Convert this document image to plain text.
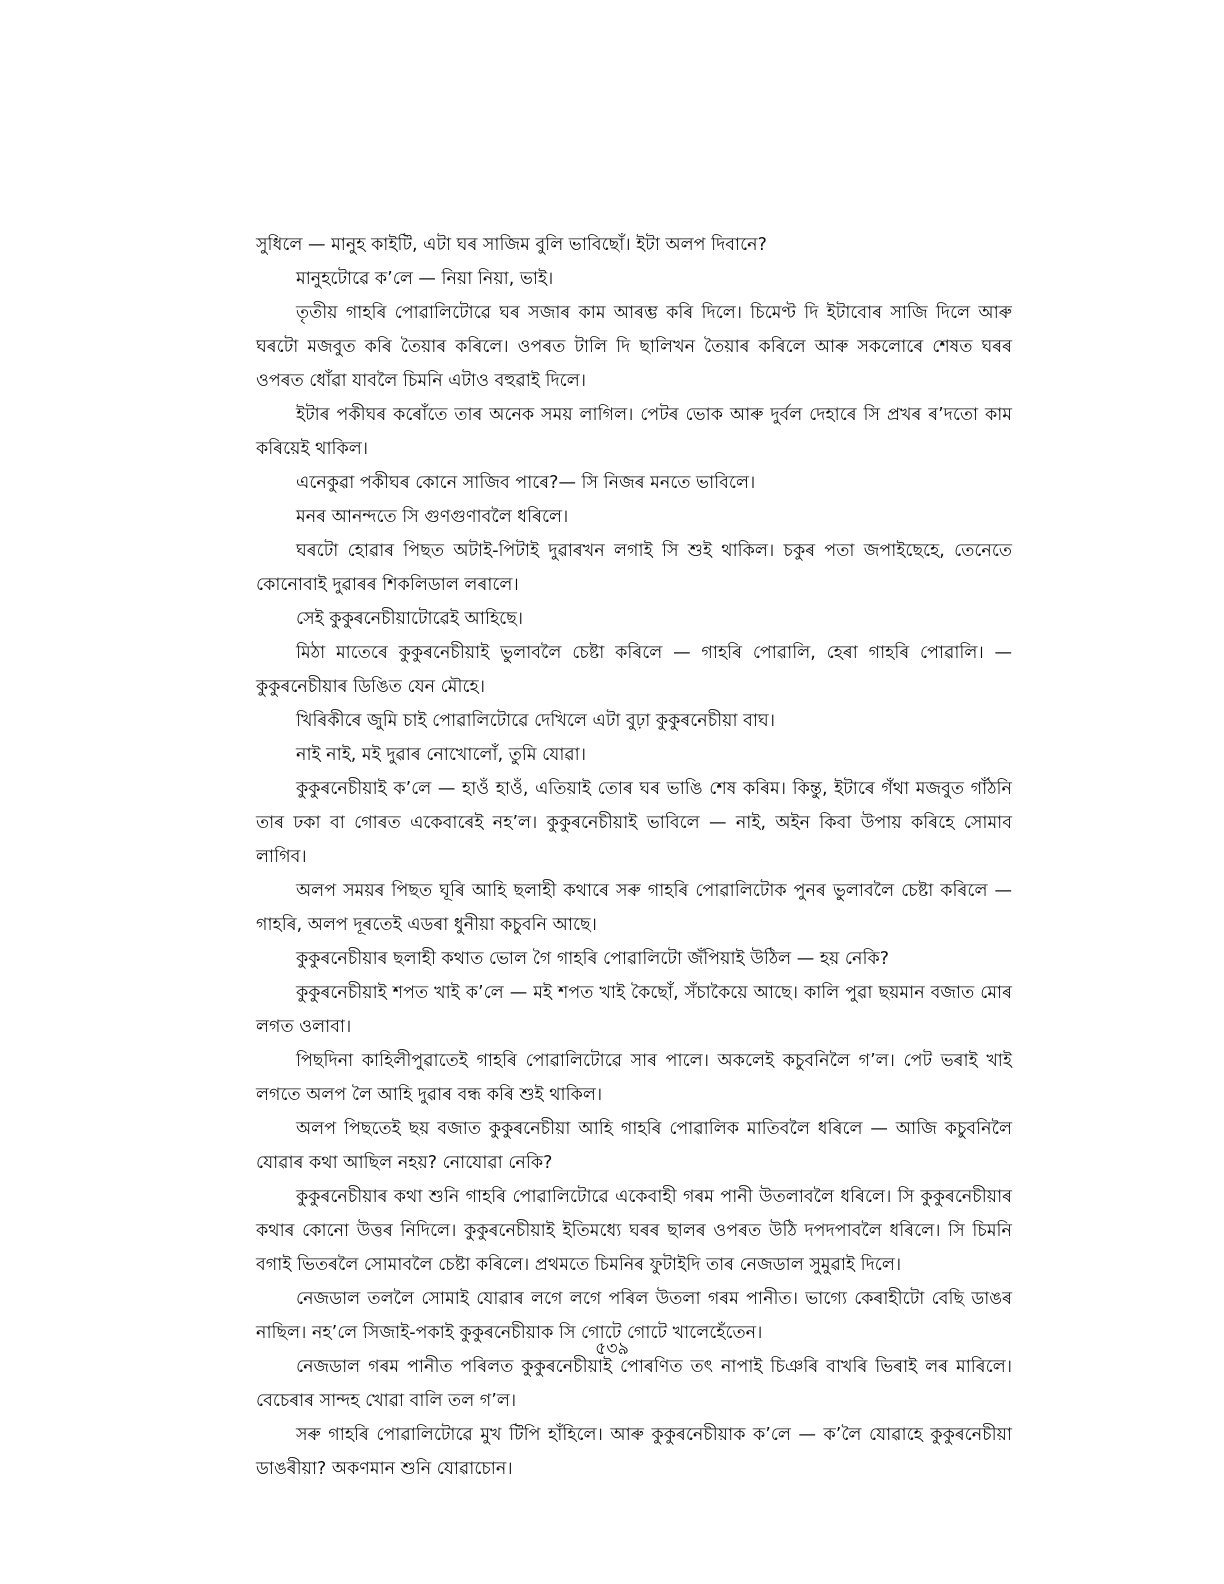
সুধিলে — মানুহ কাইটি, এটা ঘৰ সাজিম বুলি ভাবিছোঁ। ইটা অলপ দিবানে?

মানুহটোৱে ক’লে — নিয়া নিয়া, ভাই।

তৃতীয় গাহৰি পোৱালিটোৱে ঘৰ সজাৰ কাম আৰম্ভ কৰি দিলে। চিমেণ্ট দি ইটাবোৰ সাজি দিলে আৰু ঘৰটো মজবুত কৰি তৈয়াৰ কৰিলে। ওপৰত টালি দি ছালিখন তৈয়াৰ কৰিলে আৰু সকলোৰে শেষত ঘৰৰ ওপৰত ধোঁৱা যাবলৈ চিমনি এটাও বহুৱাই দিলে।

ইটাৰ পকীঘৰ কৰোঁতে তাৰ অনেক সময় লাগিল। পেটৰ ভোক আৰু দুৰ্বল দেহাৰে সি প্ৰখৰ ৰ’দতো কাম কৰিয়েই থাকিল।

এনেকুৱা পকীঘৰ কোনে সাজিব পাৰে?— সি নিজৰ মনতে ভাবিলে।

মনৰ আনন্দতে সি গুণগুণাবলৈ ধৰিলে।

ঘৰটো হোৱাৰ পিছত অটাই-পিটাই দুৱাৰখন লগাই সি শুই থাকিল। চকুৰ পতা জপাইছেহে, তেনেতে কোনোবাই দুৱাৰৰ শিকলিডাল লৰালে।

সেই কুকুৰনেচীয়াটোৱেই আহিছে।

মিঠা মাতেৰে কুকুৰনেচীয়াই ভুলাবলৈ চেষ্টা কৰিলে — গাহৰি পোৱালি, হেৰা গাহৰি পোৱালি। — কুকুৰনেচীয়াৰ ডিঙিত যেন মৌহে।

খিৰিকীৰে জুমি চাই পোৱালিটোৱে দেখিলে এটা বুঢ়া কুকুৰনেচীয়া বাঘ।

নাই নাই, মই দুৱাৰ নোখোলোঁ, তুমি যোৱা।

কুকুৰনেচীয়াই ক’লে — হাওঁ হাওঁ, এতিয়াই তোৰ ঘৰ ভাঙি শেষ কৰিম। কিন্তু, ইটাৰে গঁথা মজবুত গাঁঠনি তাৰ ঢকা বা গোৰত একেবাৰেই নহ’ল। কুকুৰনেচীয়াই ভাবিলে — নাই, অইন কিবা উপায় কৰিহে সোমাব লাগিব।

অলপ সময়ৰ পিছত ঘূৰি আহি ছলাহী কথাৰে সৰু গাহৰি পোৱালিটোক পুনৰ ভুলাবলৈ চেষ্টা কৰিলে — গাহৰি, অলপ দূৰতেই এডৰা ধুনীয়া কচুবনি আছে।

কুকুৰনেচীয়াৰ ছলাহী কথাত ভোল গৈ গাহৰি পোৱালিটো জঁপিয়াই উঠিল — হয় নেকি?

কুকুৰনেচীয়াই শপত খাই ক’লে — মই শপত খাই কৈছোঁ, সঁচাকৈয়ে আছে। কালি পুৱা ছয়মান বজাত মোৰ লগত ওলাবা।

পিছদিনা কাহিলীপুৱাতেই গাহৰি পোৱালিটোৱে সাৰ পালে। অকলেই কচুবনিলৈ গ’ল। পেট ভৰাই খাই লগতে অলপ লৈ আহি দুৱাৰ বন্ধ কৰি শুই থাকিল।

অলপ পিছতেই ছয় বজাত কুকুৰনেচীয়া আহি গাহৰি পোৱালিক মাতিবলৈ ধৰিলে — আজি কচুবনিলৈ যোৱাৰ কথা আছিল নহয়? নোযোৱা নেকি?

কুকুৰনেচীয়াৰ কথা শুনি গাহৰি পোৱালিটোৱে একেবাহী গৰম পানী উতলাবলৈ ধৰিলে। সি কুকুৰনেচীয়াৰ কথাৰ কোনো উত্তৰ নিদিলে। কুকুৰনেচীয়াই ইতিমধ্যে ঘৰৰ ছালৰ ওপৰত উঠি দপদপাবলৈ ধৰিলে। সি চিমনি বগাই ভিতৰলৈ সোমাবলৈ চেষ্টা কৰিলে। প্ৰথমতে চিমনিৰ ফুটাইদি তাৰ নেজডাল সুমুৱাই দিলে।

নেজডাল তললৈ সোমাই যোৱাৰ লগে লগে পৰিল উতলা গৰম পানীত। ভাগ্যে কেৰাহীটো বেছি ডাঙৰ নাছিল। নহ’লে সিজাই-পকাই কুকুৰনেচীয়াক সি গোটে গোটে খালেহেঁতেন।

নেজডাল গৰম পানীত পৰিলত কুকুৰনেচীয়াই পোৰণিত তৎ নাপাই চিঞৰি বাখৰি ভিৰাই লৰ মাৰিলে। বেচেৰাৰ সান্দহ খোৱা বালি তল গ’ল।

সৰু গাহৰি পোৱালিটোৱে মুখ টিপি হাঁহিলে। আৰু কুকুৰনেচীয়াক ক’লে — ক’লৈ যোৱাহে কুকুৰনেচীয়া ডাঙৰীয়া? অকণমান শুনি যোৱাচোন।

৫৩৯
